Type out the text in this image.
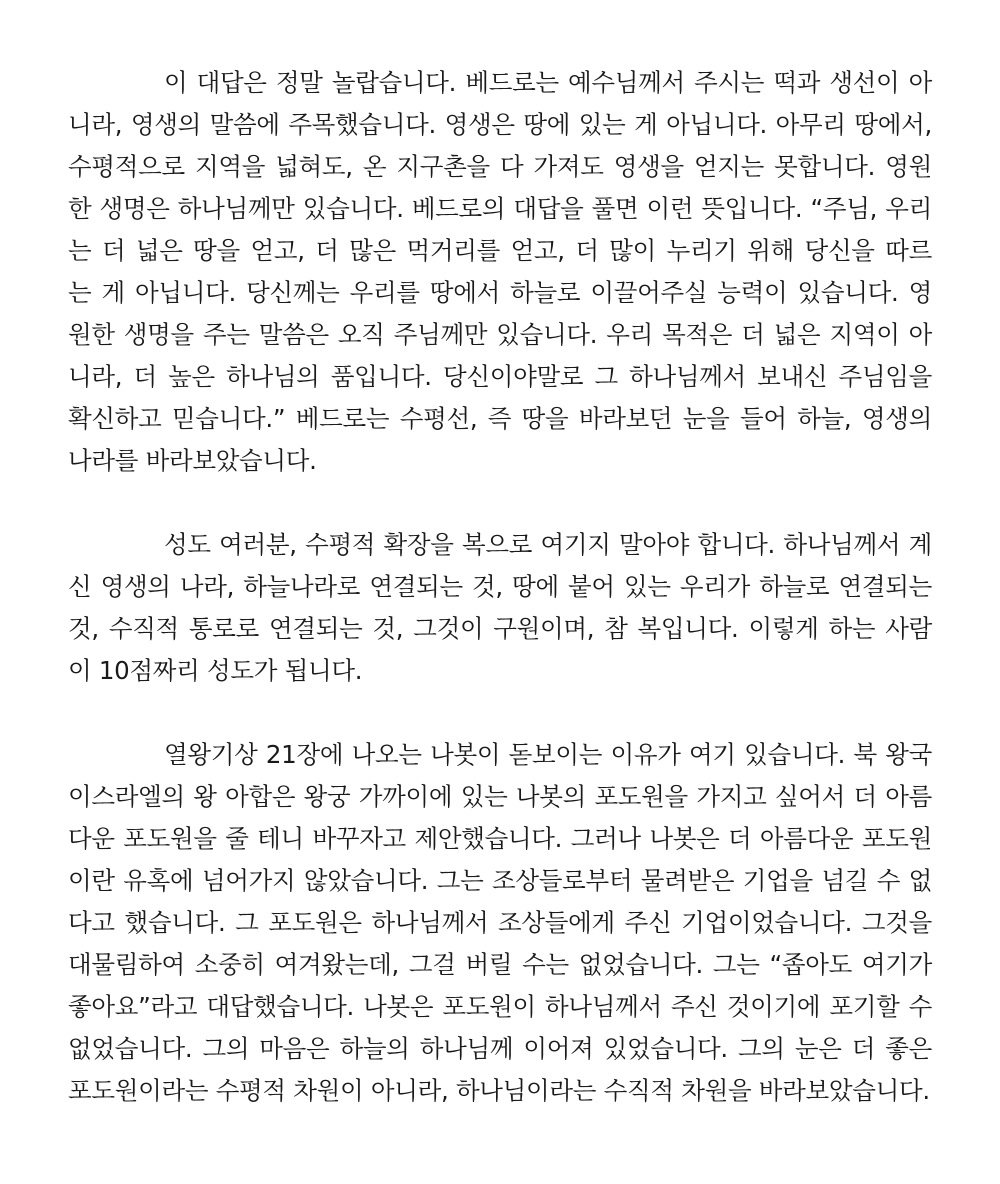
이 대답은 정말 놀랍습니다. 베드로는 예수님께서 주시는 떡과 생선이 아
니라, 영생의 말씀에 주목했습니다. 영생은 땅에 있는 게 아닙니다. 아무리 땅에서,
수평적으로 지역을 넓혀도, 온 지구촌을 다 가져도 영생을 얻지는 못합니다. 영원
한 생명은 하나님께만 있습니다. 베드로의 대답을 풀면 이런 뜻입니다. “주님, 우리
는 더 넓은 땅을 얻고, 더 많은 먹거리를 얻고, 더 많이 누리기 위해 당신을 따르
는 게 아닙니다. 당신께는 우리를 땅에서 하늘로 이끌어주실 능력이 있습니다. 영
원한 생명을 주는 말씀은 오직 주님께만 있습니다. 우리 목적은 더 넓은 지역이 아
니라, 더 높은 하나님의 품입니다. 당신이야말로 그 하나님께서 보내신 주님임을
확신하고 믿습니다.” 베드로는 수평선, 즉 땅을 바라보던 눈을 들어 하늘, 영생의
나라를 바라보았습니다.
성도 여러분, 수평적 확장을 복으로 여기지 말아야 합니다. 하나님께서 계
신 영생의 나라, 하늘나라로 연결되는 것, 땅에 붙어 있는 우리가 하늘로 연결되는
것, 수직적 통로로 연결되는 것, 그것이 구원이며, 참 복입니다. 이렇게 하는 사람
이 10점짜리 성도가 됩니다.
열왕기상 21장에 나오는 나봇이 돋보이는 이유가 여기 있습니다. 북 왕국
이스라엘의 왕 아합은 왕궁 가까이에 있는 나봇의 포도원을 가지고 싶어서 더 아름
다운 포도원을 줄 테니 바꾸자고 제안했습니다. 그러나 나봇은 더 아름다운 포도원
이란 유혹에 넘어가지 않았습니다. 그는 조상들로부터 물려받은 기업을 넘길 수 없
다고 했습니다. 그 포도원은 하나님께서 조상들에게 주신 기업이었습니다. 그것을
대물림하여 소중히 여겨왔는데, 그걸 버릴 수는 없었습니다. 그는 “좁아도 여기가
좋아요”라고 대답했습니다. 나봇은 포도원이 하나님께서 주신 것이기에 포기할 수
없었습니다. 그의 마음은 하늘의 하나님께 이어져 있었습니다. 그의 눈은 더 좋은
포도원이라는 수평적 차원이 아니라, 하나님이라는 수직적 차원을 바라보았습니다.
